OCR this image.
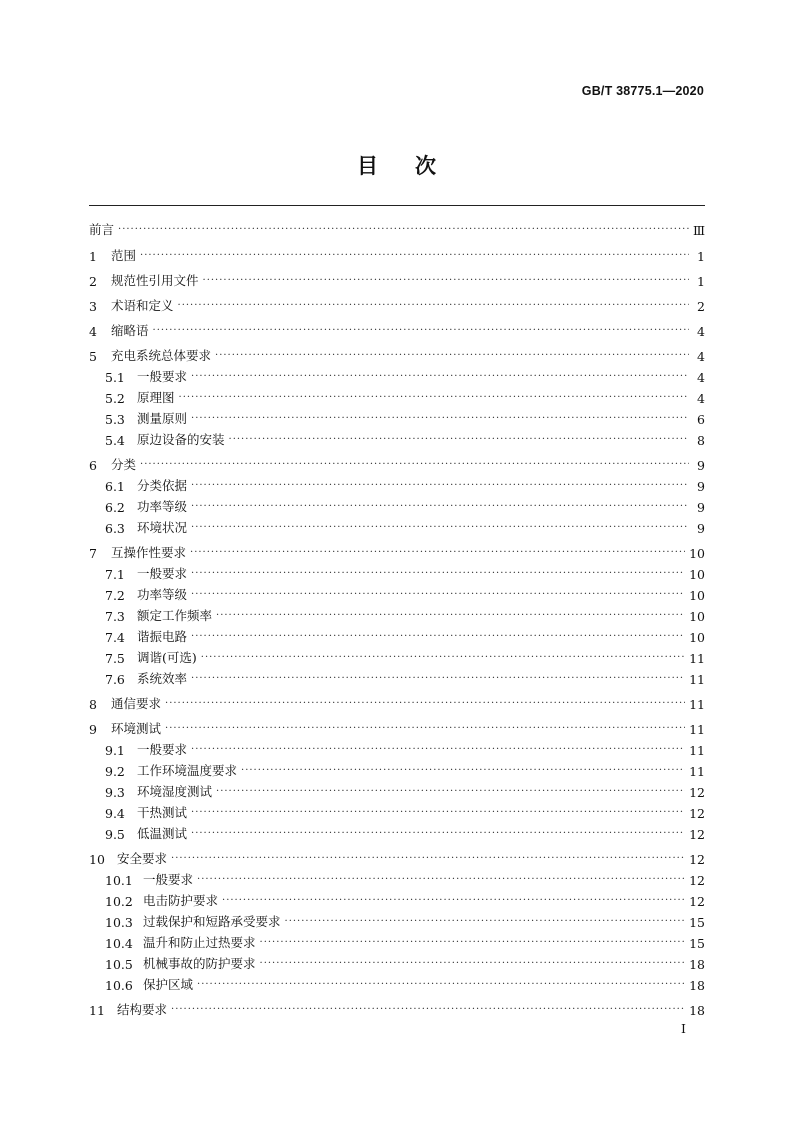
GB/T 38775.1—2020
目 次
前言 ·····	Ⅲ
1	范围 ·····	1
2	规范性引用文件 ·····	1
3	术语和定义 ·····	2
4	缩略语 ·····	4
5	充电系统总体要求 ·····	4
5.1 一般要求 ·····	4
5.2 原理图 ·····	4
5.3 测量原则 ·····	6
5.4 原边设备的安装 ·····	8
6	分类 ·····	9
6.1 分类依据 ·····	9
6.2 功率等级 ·····	9
6.3 环境状况 ·····	9
7	互操作性要求 ·····	10
7.1 一般要求 ·····	10
7.2 功率等级 ·····	10
7.3 额定工作频率 ·····	10
7.4 谐振电路 ·····	10
7.5 调谐(可选) ·····	11
7.6 系统效率 ·····	11
8	通信要求 ·····	11
9	环境测试 ·····	11
9.1 一般要求 ·····	11
9.2 工作环境温度要求 ·····	11
9.3 环境湿度测试 ·····	12
9.4 干热测试 ·····	12
9.5 低温测试 ·····	12
10 安全要求 ·····	12
10.1 一般要求 ·····	12
10.2 电击防护要求 ·····	12
10.3 过载保护和短路承受要求 ·····	15
10.4 温升和防止过热要求 ·····	15
10.5 机械事故的防护要求 ·····	18
10.6 保护区域 ·····	18
11 结构要求 ·····	18
Ⅰ
